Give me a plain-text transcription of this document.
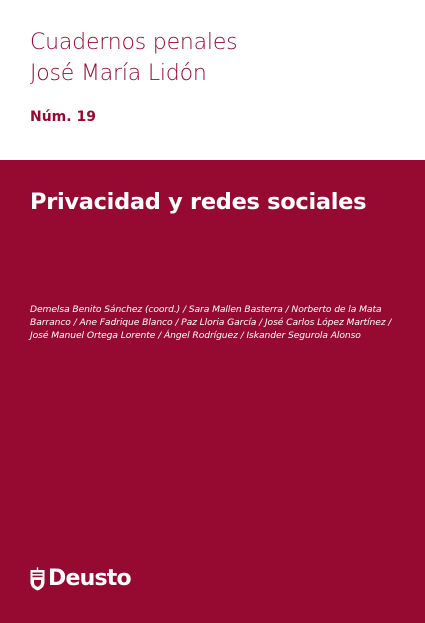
Cuadernos penales
José María Lidón
Núm. 19
Privacidad y redes sociales
Demelsa Benito Sánchez (coord.) / Sara Mallen Basterra / Norberto de la Mata Barranco / Ane Fadrique Blanco / Paz Lloria García / José Carlos López Martínez / José Manuel Ortega Lorente / Ángel Rodríguez / Iskander Segurola Alonso
Deusto
